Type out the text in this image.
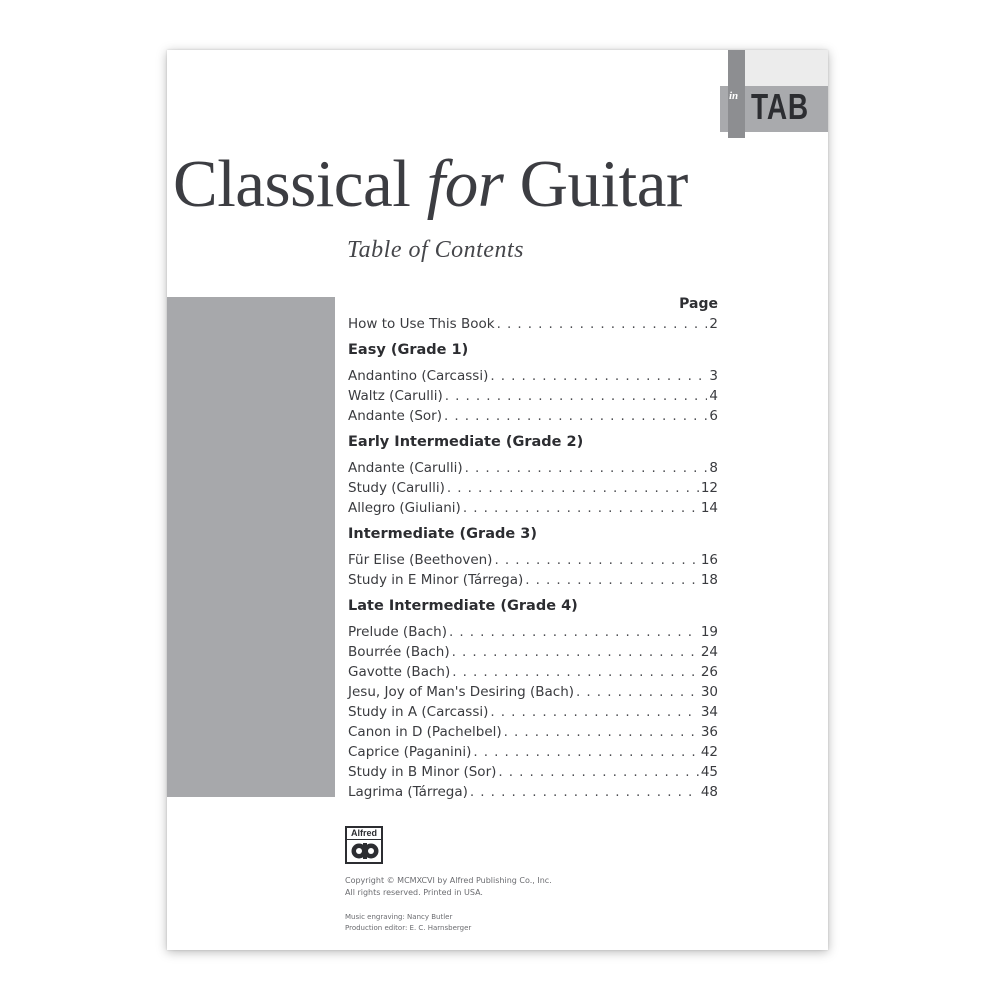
in TAB
Classical for Guitar
Table of Contents
Page
How to Use This Book . . .	2
Easy (Grade 1)
Andantino (Carcassi) . . .	3
Waltz (Carulli) . . .	4
Andante (Sor) . . .	6
Early Intermediate (Grade 2)
Andante (Carulli) . . .	8
Study (Carulli) . . .	12
Allegro (Giuliani) . . .	14
Intermediate (Grade 3)
Für Elise (Beethoven) . . .	16
Study in E Minor (Tárrega) . . .	18
Late Intermediate (Grade 4)
Prelude (Bach) . . .	19
Bourrée (Bach) . . .	24
Gavotte (Bach) . . .	26
Jesu, Joy of Man's Desiring (Bach) . . .	30
Study in A (Carcassi) . . .	34
Canon in D (Pachelbel) . . .	36
Caprice (Paganini) . . .	42
Study in B Minor (Sor) . . .	45
Lagrima (Tárrega) . . .	48
Alfred
Copyright © MCMXCVI by Alfred Publishing Co., Inc.
All rights reserved. Printed in USA.
Music engraving: Nancy Butler
Production editor: E. C. Harnsberger
